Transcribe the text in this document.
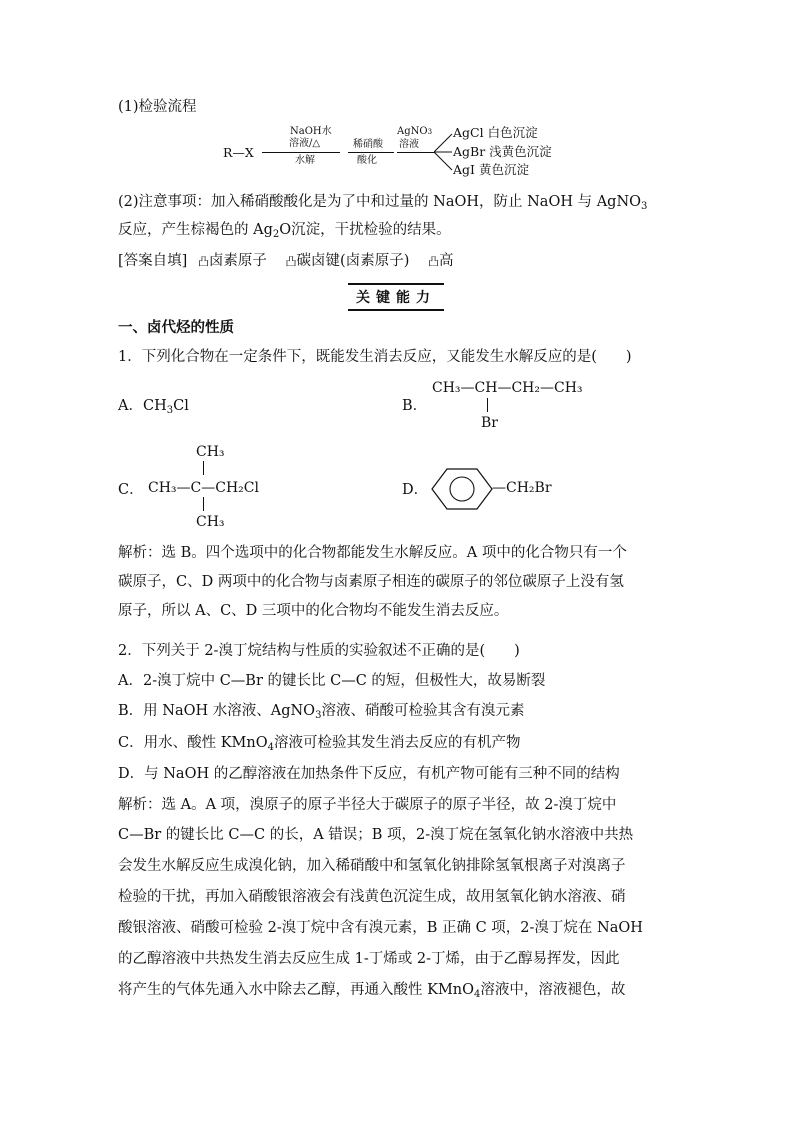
(1)检验流程
R—X
NaOH水
溶液/△
水解
稀硝酸
酸化
AgNO3
溶液
AgCl 白色沉淀
AgBr 浅黄色沉淀
AgI 黄色沉淀
(2)注意事项：加入稀硝酸酸化是为了中和过量的 NaOH，防止 NaOH 与 AgNO$_3$
反应，产生棕褐色的 $Ag_2O$沉淀，干扰检验的结果。
[答案自填] 凸卤素原子 凸碳卤键(卤素原子) 凸高
关键能力
一、卤代烃的性质
1．下列化合物在一定条件下，既能发生消去反应，又能发生水解反应的是(　　)
A．$CH_3Cl$	B．
CH₃—CH—CH₂—CH₃
Br
C．
CH₃
CH₃—C—CH₂Cl
CH₃
D．	—CH₂Br
解析：选 B。四个选项中的化合物都能发生水解反应。A 项中的化合物只有一个
碳原子，C、D 两项中的化合物与卤素原子相连的碳原子的邻位碳原子上没有氢
原子，所以 A、C、D 三项中的化合物均不能发生消去反应。
2．下列关于 2-溴丁烷结构与性质的实验叙述不正确的是(　　)
A．2-溴丁烷中 C—Br 的键长比 C—C 的短，但极性大，故易断裂
B．用 NaOH 水溶液、AgNO$_3$溶液、硝酸可检验其含有溴元素
C．用水、酸性 KMnO$_4$溶液可检验其发生消去反应的有机产物
D．与 NaOH 的乙醇溶液在加热条件下反应，有机产物可能有三种不同的结构
解析：选 A。A 项，溴原子的原子半径大于碳原子的原子半径，故 2-溴丁烷中
C—Br 的键长比 C—C 的长，A 错误；B 项，2-溴丁烷在氢氧化钠水溶液中共热
会发生水解反应生成溴化钠，加入稀硝酸中和氢氧化钠排除氢氧根离子对溴离子
检验的干扰，再加入硝酸银溶液会有浅黄色沉淀生成，故用氢氧化钠水溶液、硝
酸银溶液、硝酸可检验 2-溴丁烷中含有溴元素，B 正确 C 项，2-溴丁烷在 NaOH
的乙醇溶液中共热发生消去反应生成 1-丁烯或 2-丁烯，由于乙醇易挥发，因此
将产生的气体先通入水中除去乙醇，再通入酸性 KMnO$_4$溶液中，溶液褪色，故
